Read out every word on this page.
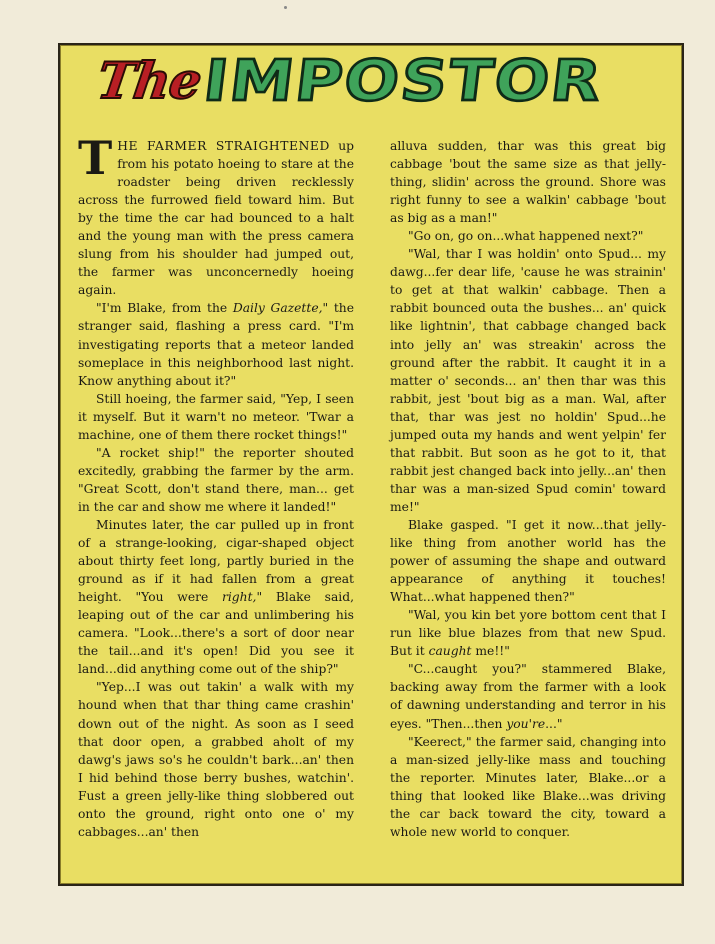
The
IMPOSTOR

THE FARMER STRAIGHTENED up from his potato hoeing to stare at the roadster being driven recklessly across the furrowed field toward him. But by the time the car had bounced to a halt and the young man with the press camera slung from his shoulder had jumped out, the farmer was unconcernedly hoeing again.

"I'm Blake, from the Daily Gazette," the stranger said, flashing a press card. "I'm investigating reports that a meteor landed someplace in this neighborhood last night. Know anything about it?"

Still hoeing, the farmer said, "Yep, I seen it myself. But it warn't no meteor. 'Twar a machine, one of them there rocket things!"

"A rocket ship!" the reporter shouted excitedly, grabbing the farmer by the arm. "Great Scott, don't stand there, man... get in the car and show me where it landed!"

Minutes later, the car pulled up in front of a strange-looking, cigar-shaped object about thirty feet long, partly buried in the ground as if it had fallen from a great height. "You were right," Blake said, leaping out of the car and unlimbering his camera. "Look...there's a sort of door near the tail...and it's open! Did you see it land...did anything come out of the ship?"

"Yep...I was out takin' a walk with my hound when that thar thing came crashin' down out of the night. As soon as I seed that door open, a grabbed aholt of my dawg's jaws so's he couldn't bark...an' then I hid behind those berry bushes, watchin'. Fust a green jelly-like thing slobbered out onto the ground, right onto one o' my cabbages...an' then

alluva sudden, thar was this great big cabbage 'bout the same size as that jelly-thing, slidin' across the ground. Shore was right funny to see a walkin' cabbage 'bout as big as a man!"

"Go on, go on...what happened next?"

"Wal, thar I was holdin' onto Spud... my dawg...fer dear life, 'cause he was strainin' to get at that walkin' cabbage. Then a rabbit bounced outa the bushes... an' quick like lightnin', that cabbage changed back into jelly an' was streakin' across the ground after the rabbit. It caught it in a matter o' seconds... an' then thar was this rabbit, jest 'bout big as a man. Wal, after that, thar was jest no holdin' Spud...he jumped outa my hands and went yelpin' fer that rabbit. But soon as he got to it, that rabbit jest changed back into jelly...an' then thar was a man-sized Spud comin' toward me!"

Blake gasped. "I get it now...that jelly-like thing from another world has the power of assuming the shape and outward appearance of anything it touches! What...what happened then?"

"Wal, you kin bet yore bottom cent that I run like blue blazes from that new Spud. But it caught me!!"

"C...caught you?" stammered Blake, backing away from the farmer with a look of dawning understanding and terror in his eyes. "Then...then you're..."

"Keerect," the farmer said, changing into a man-sized jelly-like mass and touching the reporter. Minutes later, Blake...or a thing that looked like Blake...was driving the car back toward the city, toward a whole new world to conquer.
